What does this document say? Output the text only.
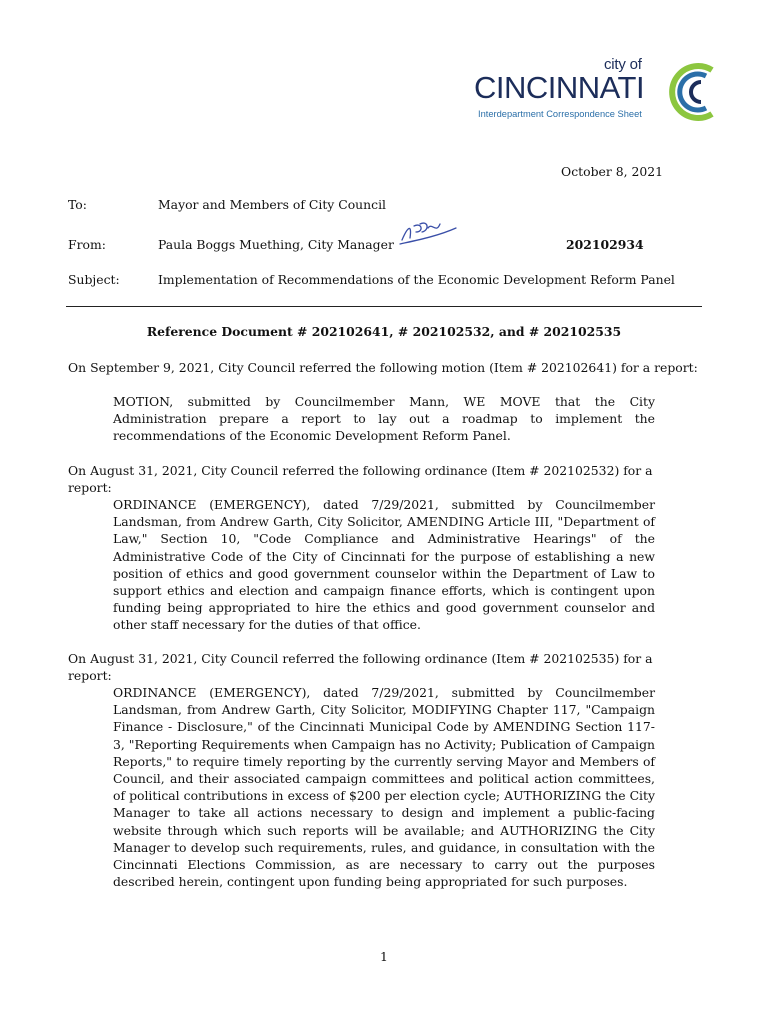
city of
CINCINNATI
Interdepartment Correspondence Sheet
October 8, 2021
To:	Mayor and Members of City Council
From:	Paula Boggs Muething, City Manager	202102934
Subject:	Implementation of Recommendations of the Economic Development Reform Panel
Reference Document # 202102641, # 202102532, and # 202102535
On September 9, 2021, City Council referred the following motion (Item # 202102641) for a report:
MOTION, submitted by Councilmember Mann, WE MOVE that the City Administration prepare a report to lay out a roadmap to implement the recommendations of the Economic Development Reform Panel.
On August 31, 2021, City Council referred the following ordinance (Item # 202102532) for a report:
ORDINANCE (EMERGENCY), dated 7/29/2021, submitted by Councilmember Landsman, from Andrew Garth, City Solicitor, AMENDING Article III, "Department of Law," Section 10, "Code Compliance and Administrative Hearings" of the Administrative Code of the City of Cincinnati for the purpose of establishing a new position of ethics and good government counselor within the Department of Law to support ethics and election and campaign finance efforts, which is contingent upon funding being appropriated to hire the ethics and good government counselor and other staff necessary for the duties of that office.
On August 31, 2021, City Council referred the following ordinance (Item # 202102535) for a report:
ORDINANCE (EMERGENCY), dated 7/29/2021, submitted by Councilmember Landsman, from Andrew Garth, City Solicitor, MODIFYING Chapter 117, "Campaign Finance - Disclosure," of the Cincinnati Municipal Code by AMENDING Section 117-3, "Reporting Requirements when Campaign has no Activity; Publication of Campaign Reports," to require timely reporting by the currently serving Mayor and Members of Council, and their associated campaign committees and political action committees, of political contributions in excess of $200 per election cycle; AUTHORIZING the City Manager to take all actions necessary to design and implement a public-facing website through which such reports will be available; and AUTHORIZING the City Manager to develop such requirements, rules, and guidance, in consultation with the Cincinnati Elections Commission, as are necessary to carry out the purposes described herein, contingent upon funding being appropriated for such purposes.
1
